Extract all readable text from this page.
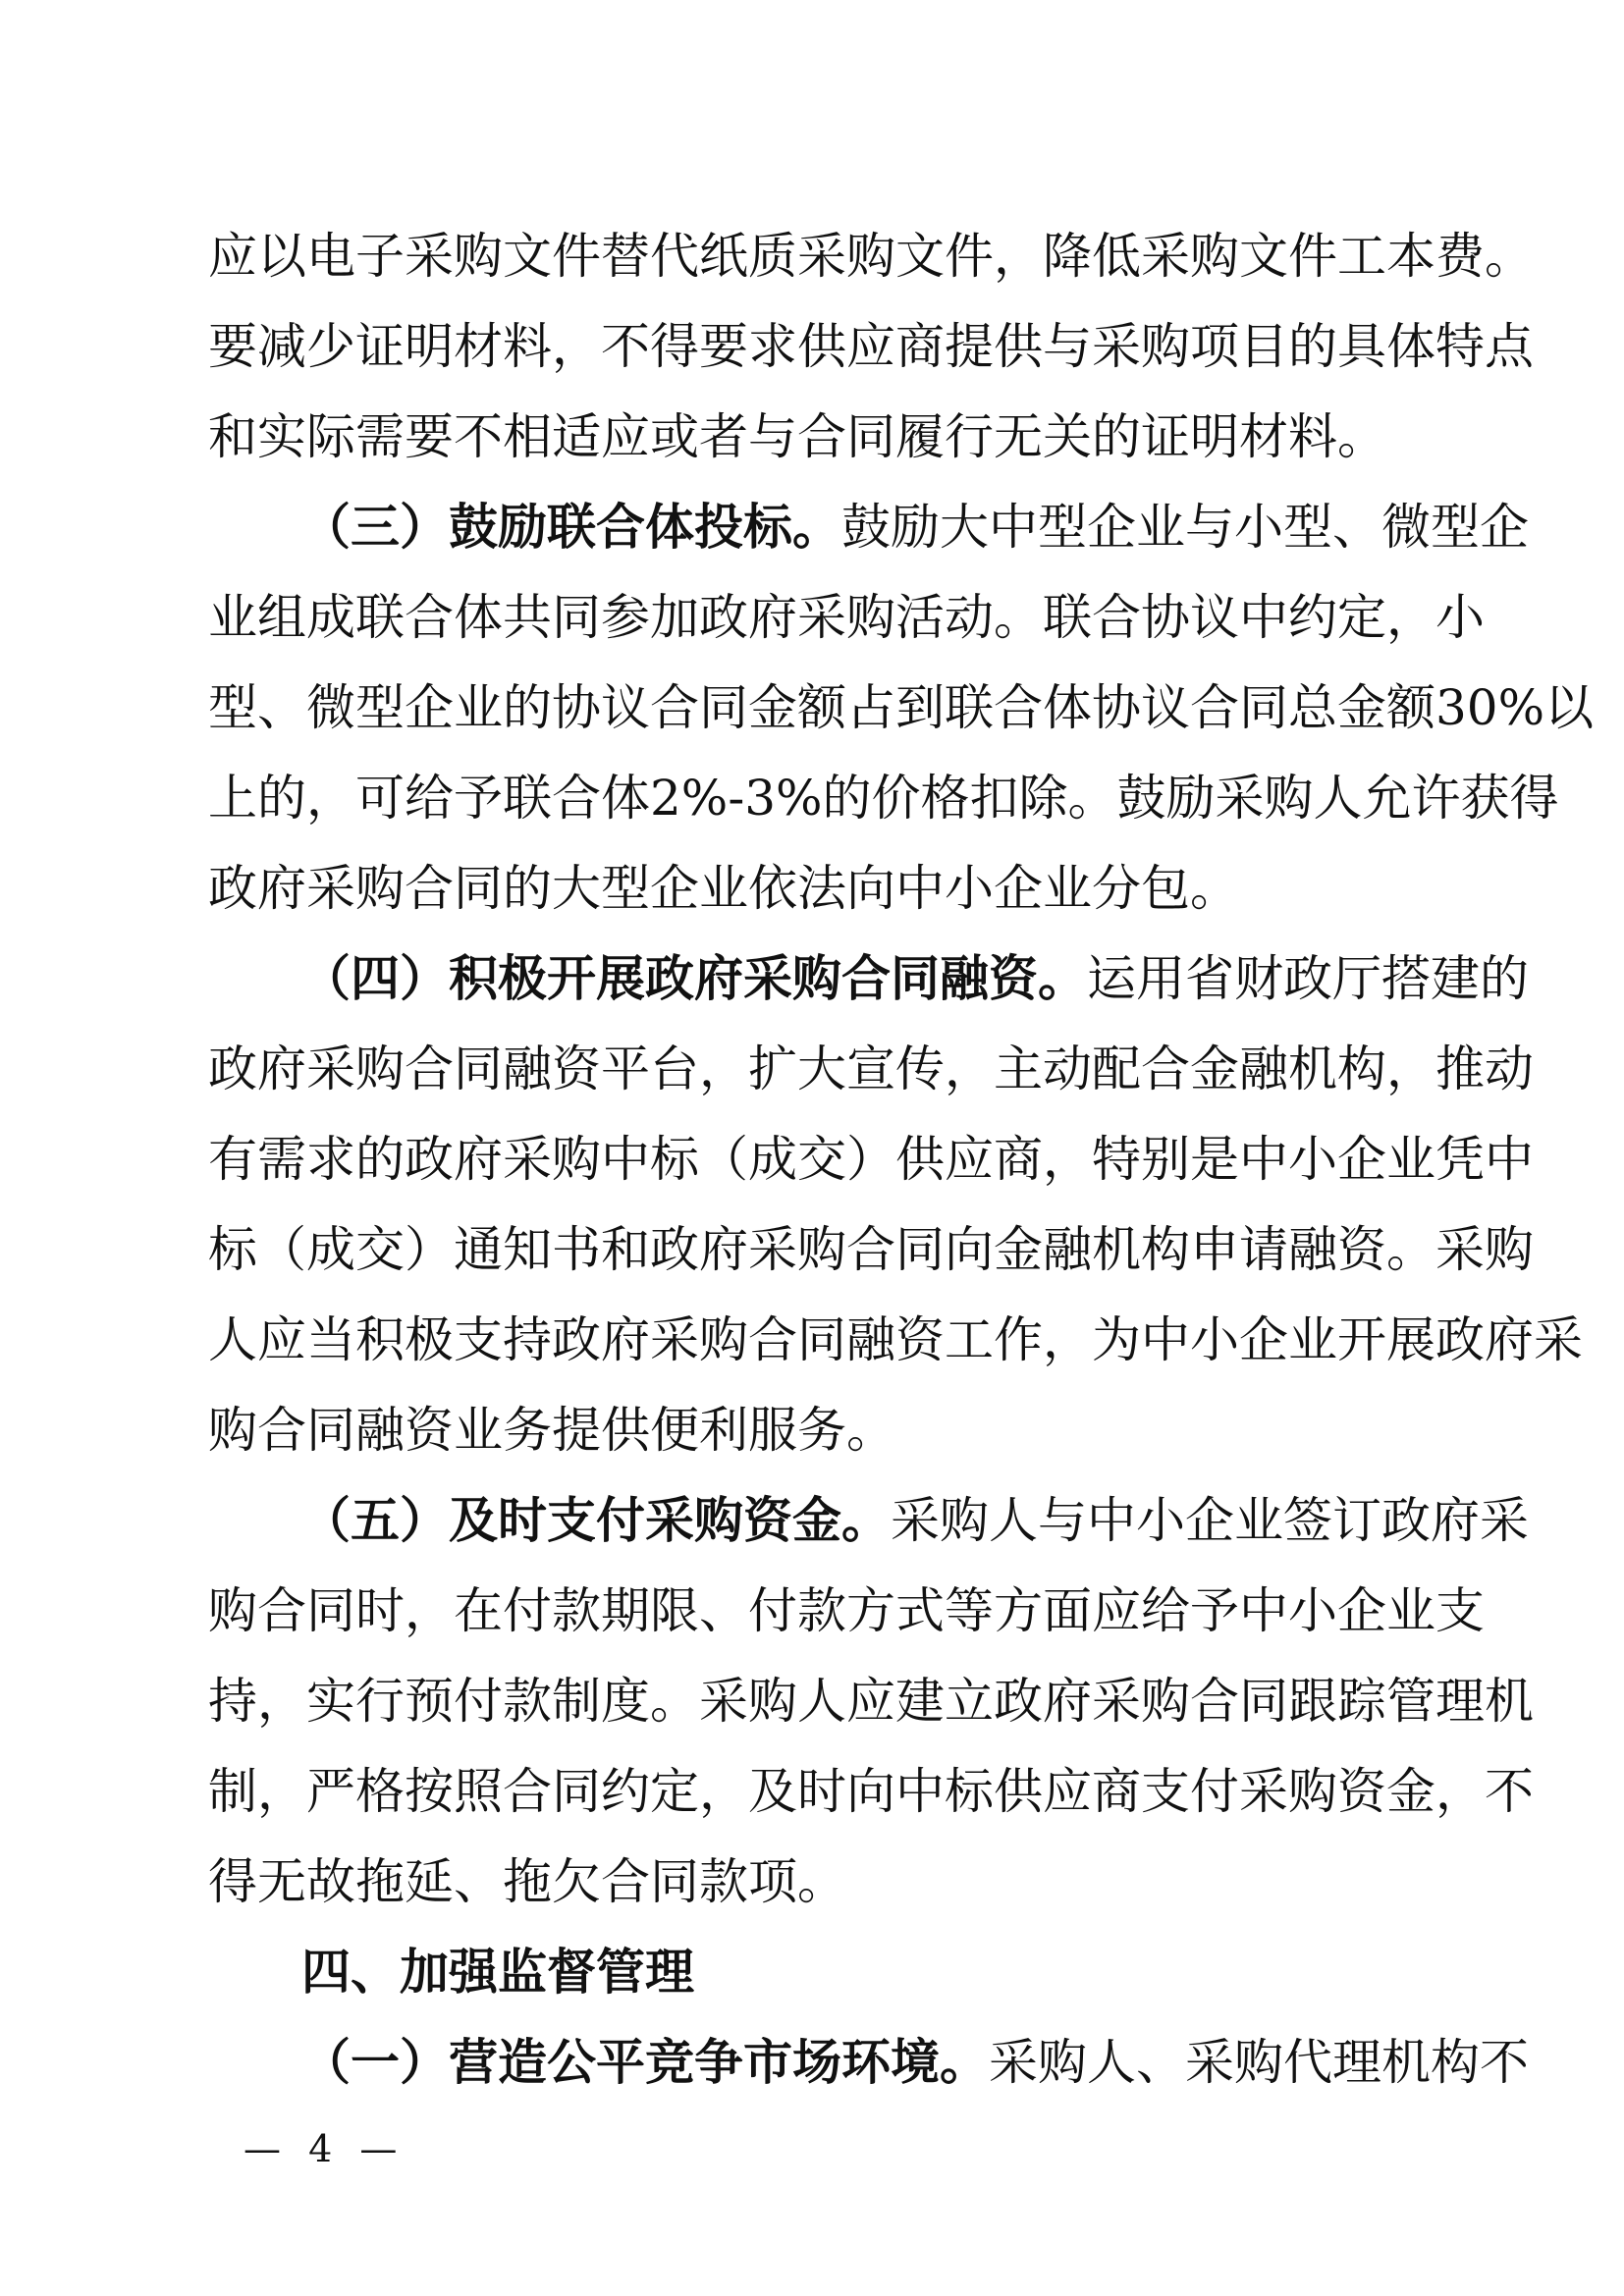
应以电子采购文件替代纸质采购文件，降低采购文件工本费。
要减少证明材料，不得要求供应商提供与采购项目的具体特点
和实际需要不相适应或者与合同履行无关的证明材料。
（三）鼓励联合体投标。鼓励大中型企业与小型、微型企
业组成联合体共同参加政府采购活动。联合协议中约定，小
型、微型企业的协议合同金额占到联合体协议合同总金额30%以
上的，可给予联合体2%-3%的价格扣除。鼓励采购人允许获得
政府采购合同的大型企业依法向中小企业分包。
（四）积极开展政府采购合同融资。运用省财政厅搭建的
政府采购合同融资平台，扩大宣传，主动配合金融机构，推动
有需求的政府采购中标（成交）供应商，特别是中小企业凭中
标（成交）通知书和政府采购合同向金融机构申请融资。采购
人应当积极支持政府采购合同融资工作，为中小企业开展政府采
购合同融资业务提供便利服务。
（五）及时支付采购资金。采购人与中小企业签订政府采
购合同时，在付款期限、付款方式等方面应给予中小企业支
持，实行预付款制度。采购人应建立政府采购合同跟踪管理机
制，严格按照合同约定，及时向中标供应商支付采购资金，不
得无故拖延、拖欠合同款项。
四、加强监督管理
（一）营造公平竞争市场环境。采购人、采购代理机构不
— 4 —
